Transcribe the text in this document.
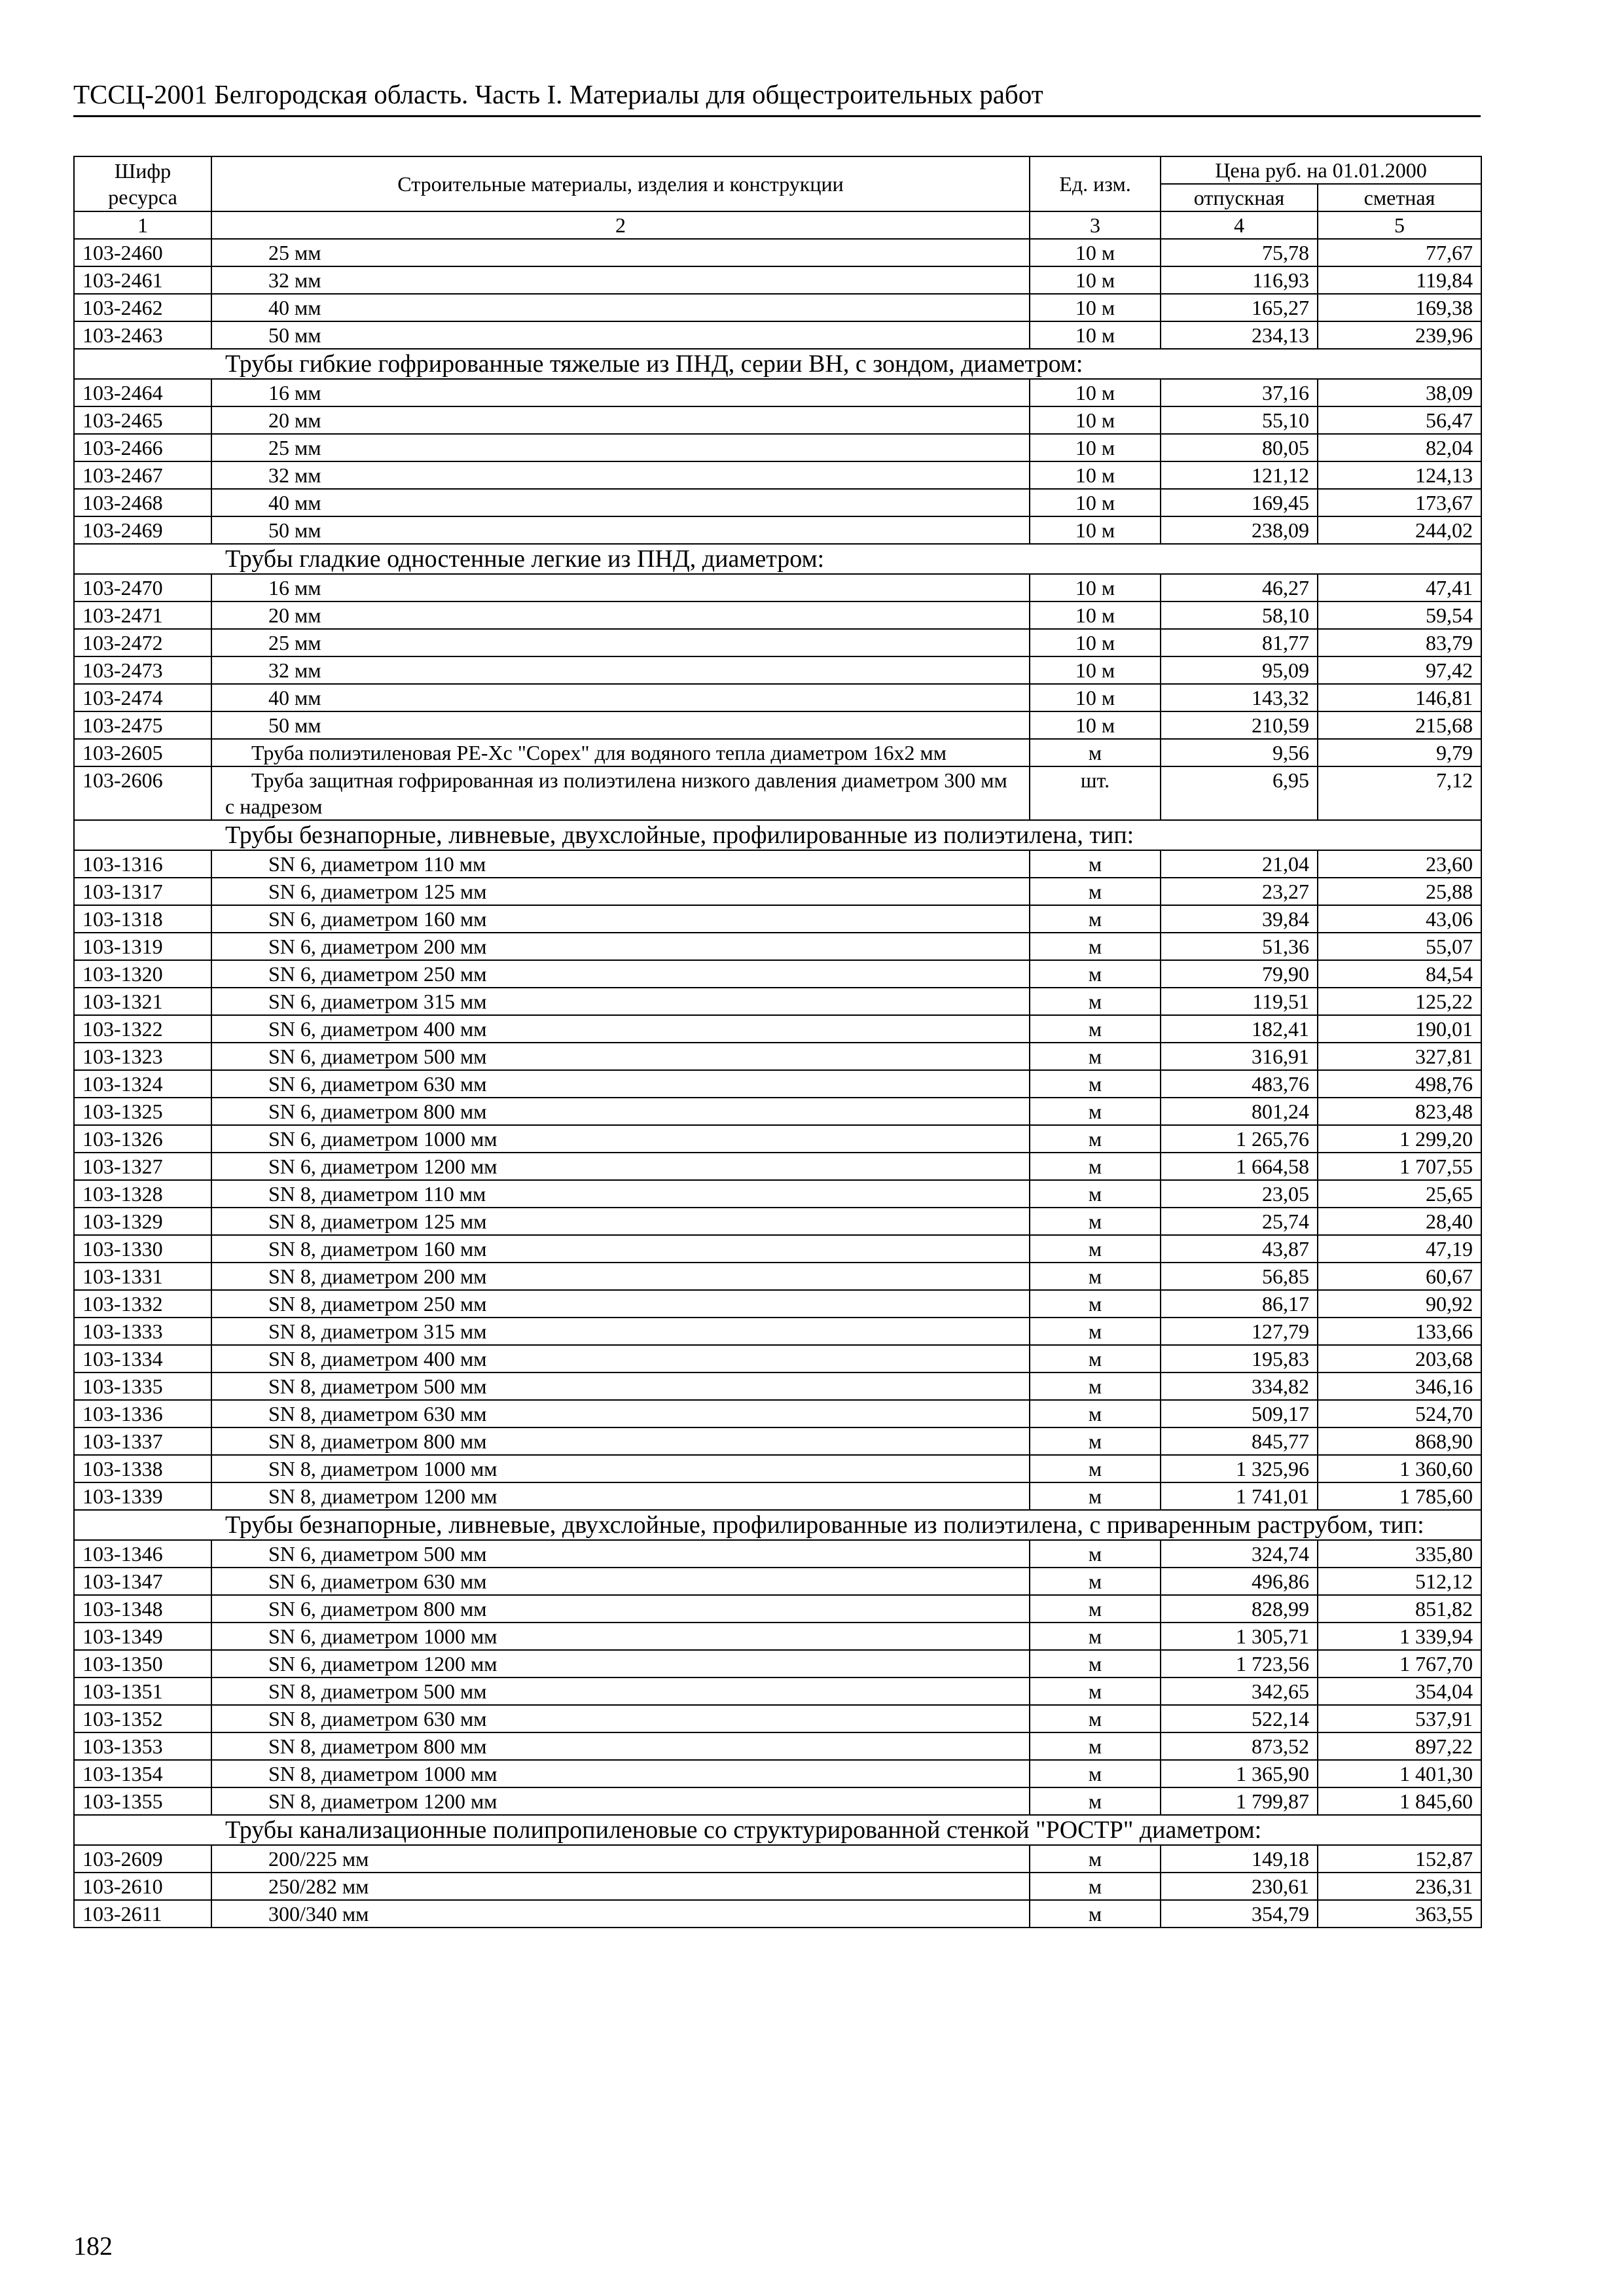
ТССЦ-2001 Белгородская область. Часть I. Материалы для общестроительных работ
Шифр ресурса	Строительные материалы, изделия и конструкции	Ед. изм.	Цена руб. на 01.01.2000	
			отпускная	сметная
1	2	3	4	5
103-2460	25 мм	10 м	75,78	77,67
103-2461	32 мм	10 м	116,93	119,84
103-2462	40 мм	10 м	165,27	169,38
103-2463	50 мм	10 м	234,13	239,96
Трубы гибкие гофрированные тяжелые из ПНД, серии ВН, с зондом, диаметром:				
103-2464	16 мм	10 м	37,16	38,09
103-2465	20 мм	10 м	55,10	56,47
103-2466	25 мм	10 м	80,05	82,04
103-2467	32 мм	10 м	121,12	124,13
103-2468	40 мм	10 м	169,45	173,67
103-2469	50 мм	10 м	238,09	244,02
Трубы гладкие одностенные легкие из ПНД, диаметром:				
103-2470	16 мм	10 м	46,27	47,41
103-2471	20 мм	10 м	58,10	59,54
103-2472	25 мм	10 м	81,77	83,79
103-2473	32 мм	10 м	95,09	97,42
103-2474	40 мм	10 м	143,32	146,81
103-2475	50 мм	10 м	210,59	215,68
103-2605	Труба полиэтиленовая PE-Xc "Copex" для водяного тепла диаметром 16х2 мм	м	9,56	9,79
103-2606	Труба защитная гофрированная из полиэтилена низкого давления диаметром 300 мм с надрезом	шт.	6,95	7,12
Трубы безнапорные, ливневые, двухслойные, профилированные из полиэтилена, тип:				
103-1316	SN 6, диаметром 110 мм	м	21,04	23,60
103-1317	SN 6, диаметром 125 мм	м	23,27	25,88
103-1318	SN 6, диаметром 160 мм	м	39,84	43,06
103-1319	SN 6, диаметром 200 мм	м	51,36	55,07
103-1320	SN 6, диаметром 250 мм	м	79,90	84,54
103-1321	SN 6, диаметром 315 мм	м	119,51	125,22
103-1322	SN 6, диаметром 400 мм	м	182,41	190,01
103-1323	SN 6, диаметром 500 мм	м	316,91	327,81
103-1324	SN 6, диаметром 630 мм	м	483,76	498,76
103-1325	SN 6, диаметром 800 мм	м	801,24	823,48
103-1326	SN 6, диаметром 1000 мм	м	1 265,76	1 299,20
103-1327	SN 6, диаметром 1200 мм	м	1 664,58	1 707,55
103-1328	SN 8, диаметром 110 мм	м	23,05	25,65
103-1329	SN 8, диаметром 125 мм	м	25,74	28,40
103-1330	SN 8, диаметром 160 мм	м	43,87	47,19
103-1331	SN 8, диаметром 200 мм	м	56,85	60,67
103-1332	SN 8, диаметром 250 мм	м	86,17	90,92
103-1333	SN 8, диаметром 315 мм	м	127,79	133,66
103-1334	SN 8, диаметром 400 мм	м	195,83	203,68
103-1335	SN 8, диаметром 500 мм	м	334,82	346,16
103-1336	SN 8, диаметром 630 мм	м	509,17	524,70
103-1337	SN 8, диаметром 800 мм	м	845,77	868,90
103-1338	SN 8, диаметром 1000 мм	м	1 325,96	1 360,60
103-1339	SN 8, диаметром 1200 мм	м	1 741,01	1 785,60
Трубы безнапорные, ливневые, двухслойные, профилированные из полиэтилена, с приваренным раструбом, тип:				
103-1346	SN 6, диаметром 500 мм	м	324,74	335,80
103-1347	SN 6, диаметром 630 мм	м	496,86	512,12
103-1348	SN 6, диаметром 800 мм	м	828,99	851,82
103-1349	SN 6, диаметром 1000 мм	м	1 305,71	1 339,94
103-1350	SN 6, диаметром 1200 мм	м	1 723,56	1 767,70
103-1351	SN 8, диаметром 500 мм	м	342,65	354,04
103-1352	SN 8, диаметром 630 мм	м	522,14	537,91
103-1353	SN 8, диаметром 800 мм	м	873,52	897,22
103-1354	SN 8, диаметром 1000 мм	м	1 365,90	1 401,30
103-1355	SN 8, диаметром 1200 мм	м	1 799,87	1 845,60
Трубы канализационные полипропиленовые со структурированной стенкой "POCTP" диаметром:				
103-2609	200/225 мм	м	149,18	152,87
103-2610	250/282 мм	м	230,61	236,31
103-2611	300/340 мм	м	354,79	363,55
182
